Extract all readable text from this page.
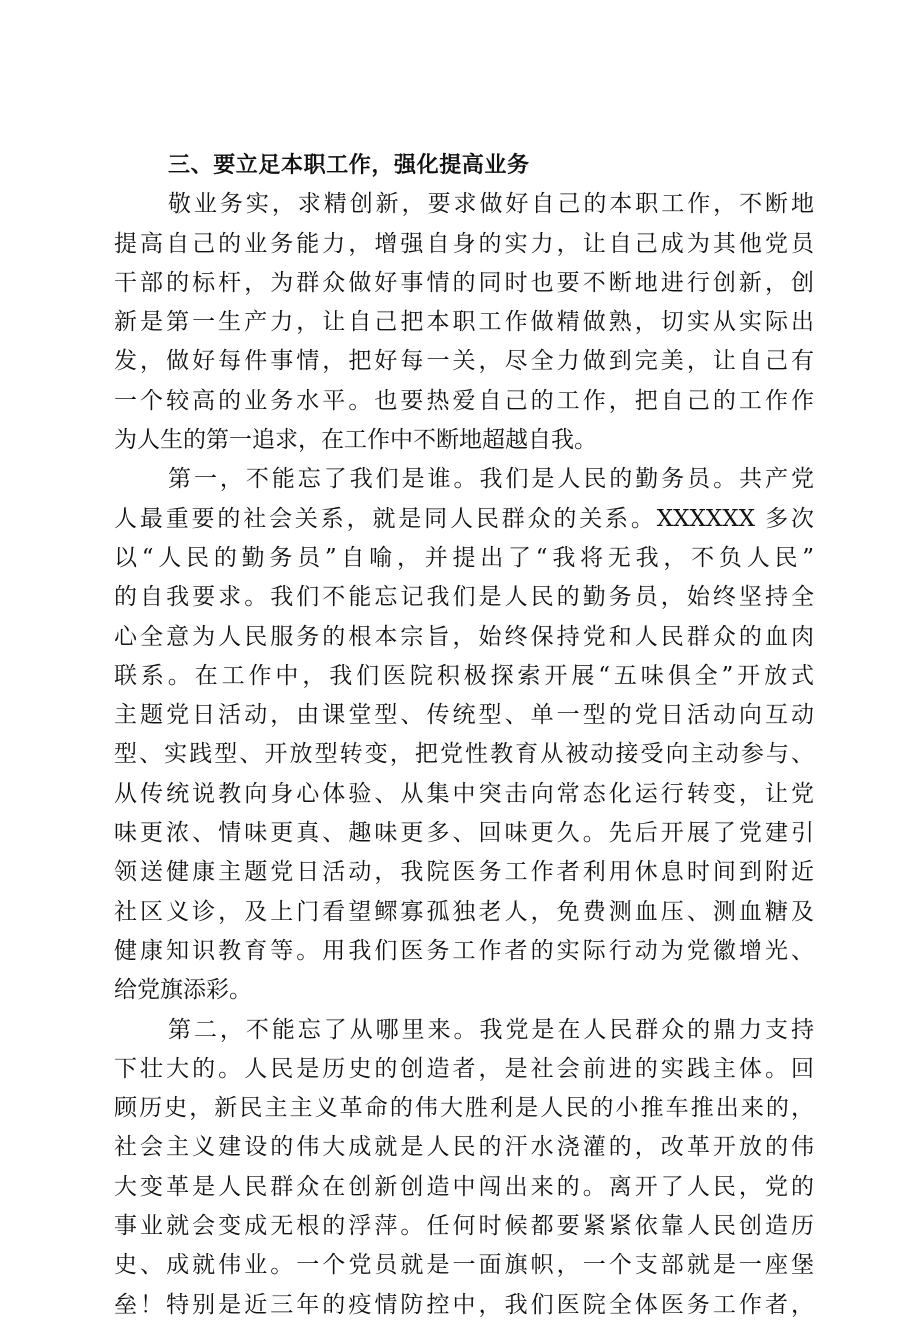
三、要立足本职工作，强化提高业务
敬业务实，求精创新，要求做好自己的本职工作，不断地
提高自己的业务能力，增强自身的实力，让自己成为其他党员
干部的标杆，为群众做好事情的同时也要不断地进行创新，创
新是第一生产力，让自己把本职工作做精做熟，切实从实际出
发，做好每件事情，把好每一关，尽全力做到完美，让自己有
一个较高的业务水平。也要热爱自己的工作，把自己的工作作
为人生的第一追求，在工作中不断地超越自我。
第一，不能忘了我们是谁。我们是人民的勤务员。共产党
人最重要的社会关系，就是同人民群众的关系。XXXXXX 多次
以“人民的勤务员”自喻，并提出了“我将无我，不负人民”
的自我要求。我们不能忘记我们是人民的勤务员，始终坚持全
心全意为人民服务的根本宗旨，始终保持党和人民群众的血肉
联系。在工作中，我们医院积极探索开展“五味俱全”开放式
主题党日活动，由课堂型、传统型、单一型的党日活动向互动
型、实践型、开放型转变，把党性教育从被动接受向主动参与、
从传统说教向身心体验、从集中突击向常态化运行转变，让党
味更浓、情味更真、趣味更多、回味更久。先后开展了党建引
领送健康主题党日活动，我院医务工作者利用休息时间到附近
社区义诊，及上门看望鳏寡孤独老人，免费测血压、测血糖及
健康知识教育等。用我们医务工作者的实际行动为党徽增光、
给党旗添彩。
第二，不能忘了从哪里来。我党是在人民群众的鼎力支持
下壮大的。人民是历史的创造者，是社会前进的实践主体。回
顾历史，新民主主义革命的伟大胜利是人民的小推车推出来的，
社会主义建设的伟大成就是人民的汗水浇灌的，改革开放的伟
大变革是人民群众在创新创造中闯出来的。离开了人民，党的
事业就会变成无根的浮萍。任何时候都要紧紧依靠人民创造历
史、成就伟业。一个党员就是一面旗帜，一个支部就是一座堡
垒！特别是近三年的疫情防控中，我们医院全体医务工作者，
